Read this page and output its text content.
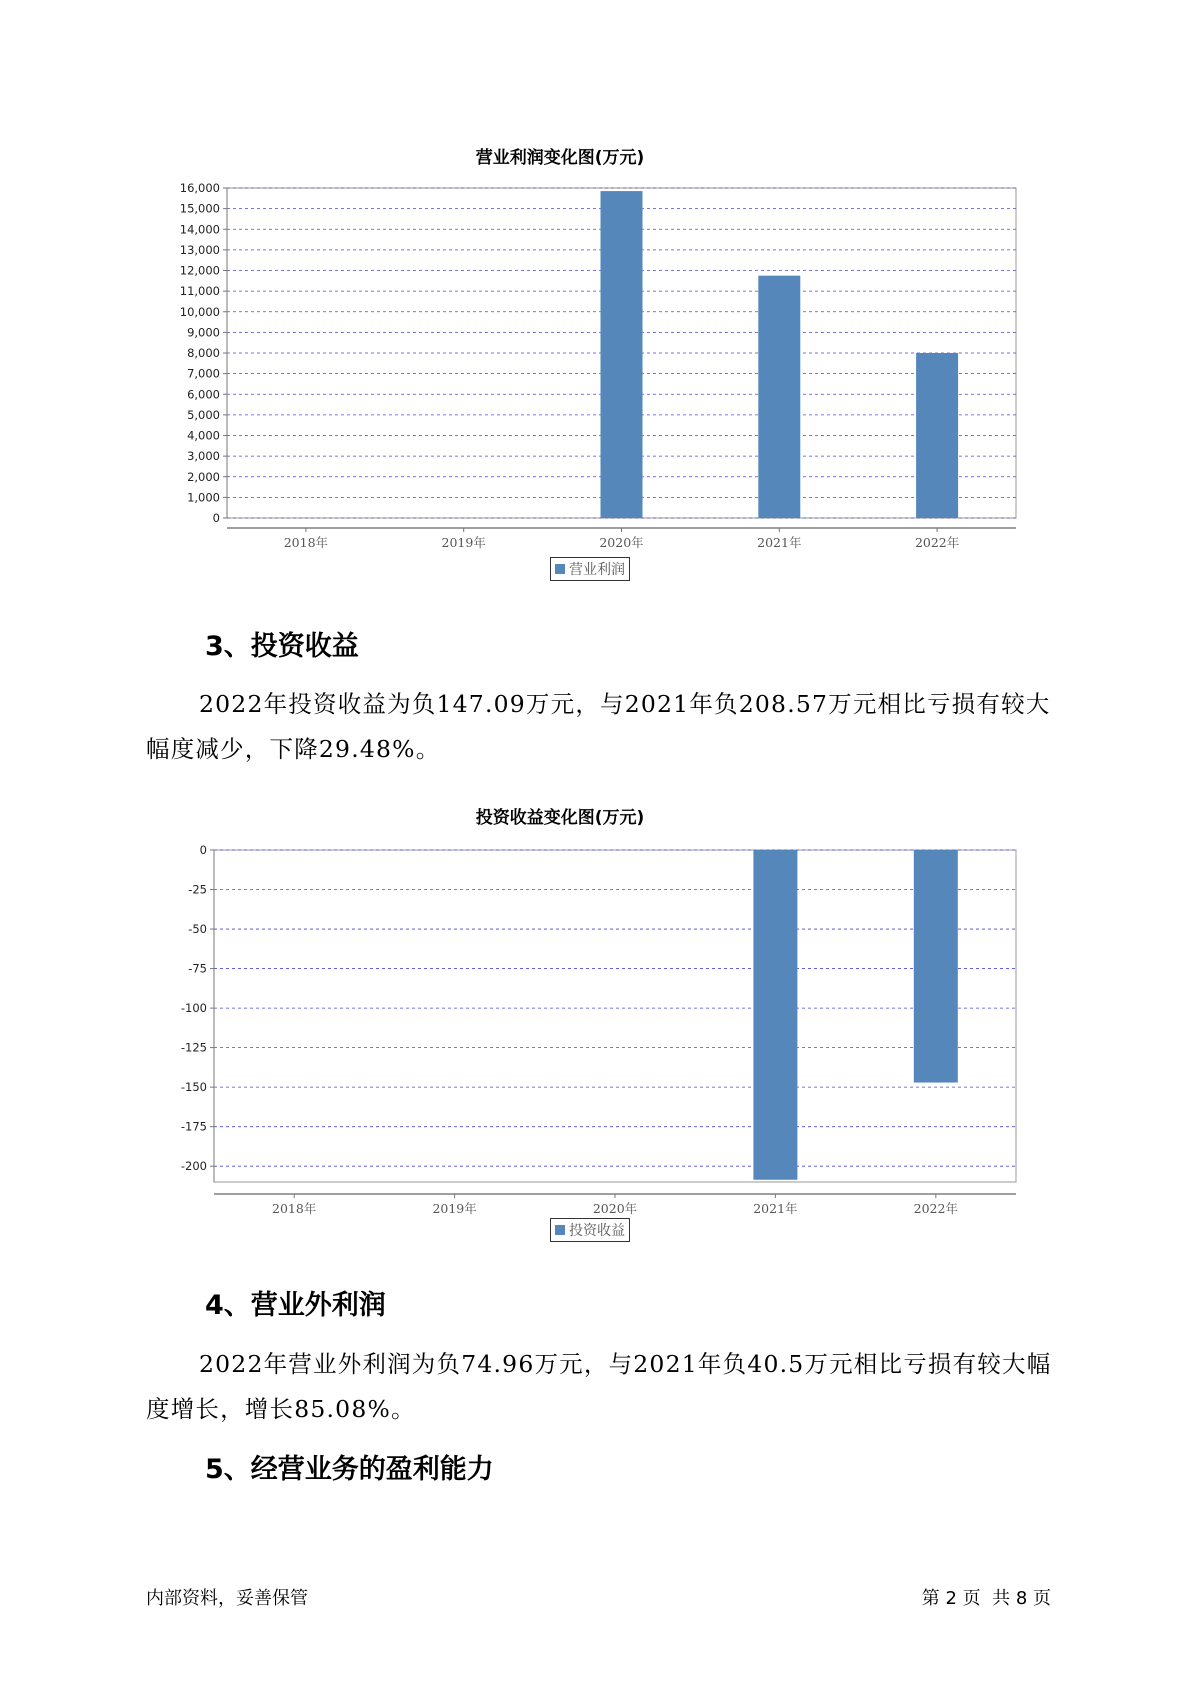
营业利润变化图(万元)
16,000
15,000
14,000
13,000
12,000
11,000
10,000
9,000
8,000
7,000
6,000
5,000
4,000
3,000
2,000
1,000
0
2018年	2019年	2020年	2021年	2022年
营业利润
3、投资收益

2022年投资收益为负147.09万元，与2021年负208.57万元相比亏损有较大幅度减少，下降29.48%。

投资收益变化图(万元)
0
-25
-50
-75
-100
-125
-150
-175
-200
2018年	2019年	2020年	2021年	2022年
投资收益
4、营业外利润

2022年营业外利润为负74.96万元，与2021年负40.5万元相比亏损有较大幅度增长，增长85.08%。

5、经营业务的盈利能力
内部资料，妥善保管	第 2 页  共 8 页
